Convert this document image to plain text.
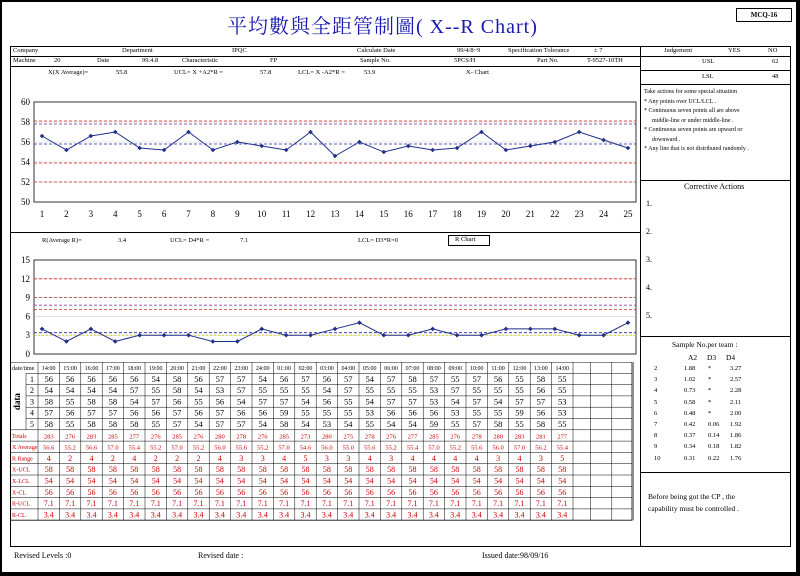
平均數與全距管制圖( X--R Chart)
MCQ-16
Company	Department	IPQC	Calculate Date	99/4/8~9	Specification Tolerance	± 7	Judgement	YES	NO
Machine	20	Date	99.4.8	Characteristic	FP	Sample No.	5PCS/H	Part No.	T-9527-10TH	USL	62
LSL	48
X(X Average)=	55.8	UCL= X +A2*R =	57.8	LCL= X -A2*R =	53.9	X- Chart
Take actions for some special situation
* Any points over UCL/LCL .
* Continuous seven points all are above
middle-line or under middle-line .
* Continuous seven points are upward or
downward .
* Any line that is not distributed randomly .
Corrective Actions
Sample No.per team :
Before being got the CP , the
capability must be controlled .
50
52
54
56
58
60
1 2 3 4 5 6 7 8 9 10 11 12 13 14 15 16 17 18 19 20 21 22 23 24 25
R(Average R)=	3.4	UCL= D4*R =	7.1	LCL= D3*R=0	R Chart
0
3
6
9
12
15
date/time 14:00 15:00 16:00 17:00 18:00 19:00 20:00 21:00 22:00 23:00 24:00 01:00 02:00 03:00 04:00 05:00 06:00 07:00 08:00 09:00 10:00 11:00 12:00 13:00 14:00
data
1
2
3
4
5
56 56 56 56 56 54 58 56 57 57 54 56 57 56 57 54 57 58 57 55 57 56 55 58 55
54 54 54 54 57 55 58 54 53 57 55 55 55 54 57 55 55 55 53 57 55 55 55 56 55
58 55 58 58 54 57 56 55 56 54 57 57 54 56 55 54 57 57 53 54 57 54 57 57 53
57 56 57 57 56 56 57 56 57 56 56 59 55 55 55 53 56 56 56 53 55 55 59 56 53
58 55 58 58 58 55 57 54 57 57 54 58 54 53 54 55 54 54 59 55 57 58 55 58 55
Totals	283 276 283 285 277 276 285 276 280 278 276 285 273 280 275 278 276 277 285 276 278 280 283 281 277
X Average 56.6 55.2 56.6 57.0 55.4 55.2 57.0 55.2 56.0 55.6 55.2 57.0 54.6 56.0 55.0 55.6 55.2 55.4 57.0 55.2 55.6 56.0 57.0 56.2 55.4
R Range 4 2 4 2 4 2 2 2 4 3 3 4 5 3 3 4 3 4 4 4 4 3 4 3 5
X-UCL 58 58 58 58 58 58 58 58 58 58 58 58 58 58 58 58 58 58 58 58 58 58 58 58 58
X-LCL 54 54 54 54 54 54 54 54 54 54 54 54 54 54 54 54 54 54 54 54 54 54 54 54 54
X-CL 56 56 56 56 56 56 56 56 56 56 56 56 56 56 56 56 56 56 56 56 56 56 56 56 56
R-UCL 7.1 7.1 7.1 7.1 7.1 7.1 7.1 7.1 7.1 7.1 7.1 7.1 7.1 7.1 7.1 7.1 7.1 7.1 7.1 7.1 7.1 7.1 7.1 7.1 7.1
R-CL 3.4 3.4 3.4 3.4 3.4 3.4 3.4 3.4 3.4 3.4 3.4 3.4 3.4 3.4 3.4 3.4 3.4 3.4 3.4 3.4 3.4 3.4 3.4 3.4 3.4
Revised Levels :0	Revised date :	Issued date:98/09/16
1.
2.
3.
4.
5.
A2 D3 D4
2	1.88 *	3.27
3	1.02 *	2.57
4	0.73 *	2.28
5	0.58 *	2.11
6	0.48 *	2.00
7	0.42 0.06 1.92
8	0.37 0.14 1.86
9	0.34 0.18 1.82
10	0.31 0.22 1.76
